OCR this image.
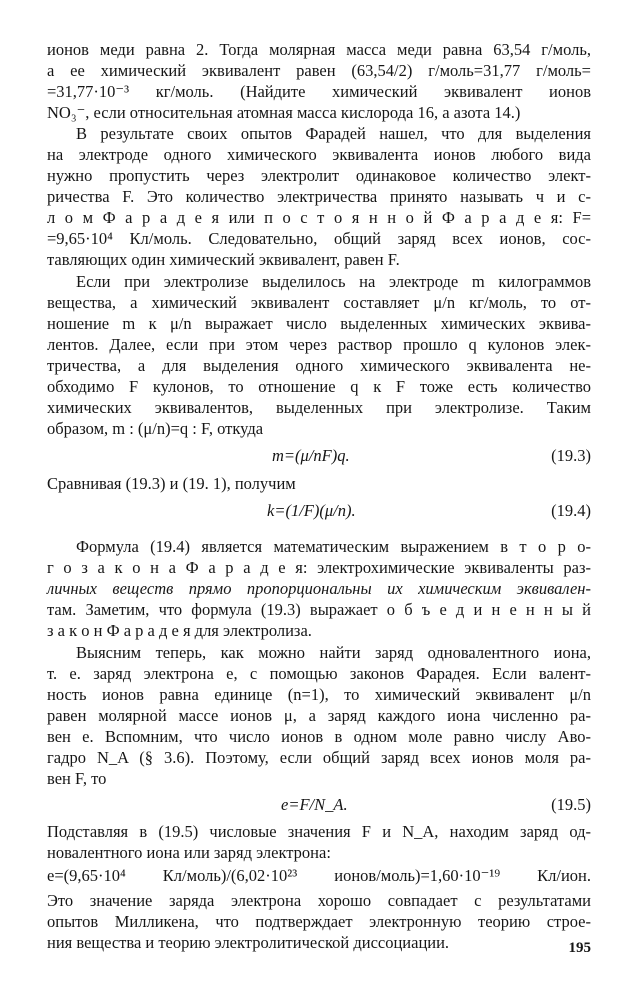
ионов меди равна 2. Тогда молярная масса меди равна 63,54 г/моль,
а ее химический эквивалент равен (63,54/2) г/моль=31,77 г/моль=
=31,77·10⁻³ кг/моль. (Найдите химический эквивалент ионов
NO₃⁻, если относительная атомная масса кислорода 16, а азота 14.)
В результате своих опытов Фарадей нашел, что для выделения
на электроде одного химического эквивалента ионов любого вида
нужно пропустить через электролит одинаковое количество элект-
ричества F. Это количество электричества принято называть ч и с-
л о м Ф а р а д е я или п о с т о я н н о й Ф а р а д е я: F=
=9,65·10⁴ Кл/моль. Следовательно, общий заряд всех ионов, сос-
тавляющих один химический эквивалент, равен F.
Если при электролизе выделилось на электроде m килограммов
вещества, а химический эквивалент составляет μ/n кг/моль, то от-
ношение m к μ/n выражает число выделенных химических эквива-
лентов. Далее, если при этом через раствор прошло q кулонов элек-
тричества, а для выделения одного химического эквивалента не-
обходимо F кулонов, то отношение q к F тоже есть количество
химических эквивалентов, выделенных при электролизе. Таким
образом, m : (μ/n)=q : F, откуда
m=(μ/nF)q.	(19.3)
Сравнивая (19.3) и (19. 1), получим
k=(1/F)(μ/n).	(19.4)
Формула (19.4) является математическим выражением в т о р о-
г о з а к о н а Ф а р а д е я: электрохимические эквиваленты раз-
личных веществ прямо пропорциональны их химическим эквивален-
там. Заметим, что формула (19.3) выражает о б ъ е д и н е н н ы й
з а к о н Ф а р а д е я для электролиза.
Выясним теперь, как можно найти заряд одновалентного иона,
т. е. заряд электрона e, с помощью законов Фарадея. Если валент-
ность ионов равна единице (n=1), то химический эквивалент μ/n
равен молярной массе ионов μ, а заряд каждого иона численно ра-
вен e. Вспомним, что число ионов в одном моле равно числу Аво-
гадро N_A (§ 3.6). Поэтому, если общий заряд всех ионов моля ра-
вен F, то
e=F/N_A.	(19.5)
Подставляя в (19.5) числовые значения F и N_A, находим заряд од-
новалентного иона или заряд электрона:
e=(9,65·10⁴ Кл/моль)/(6,02·10²³ ионов/моль)=1,60·10⁻¹⁹ Кл/ион.
Это значение заряда электрона хорошо совпадает с результатами
опытов Милликена, что подтверждает электронную теорию строе-
ния вещества и теорию электролитической диссоциации.	195
